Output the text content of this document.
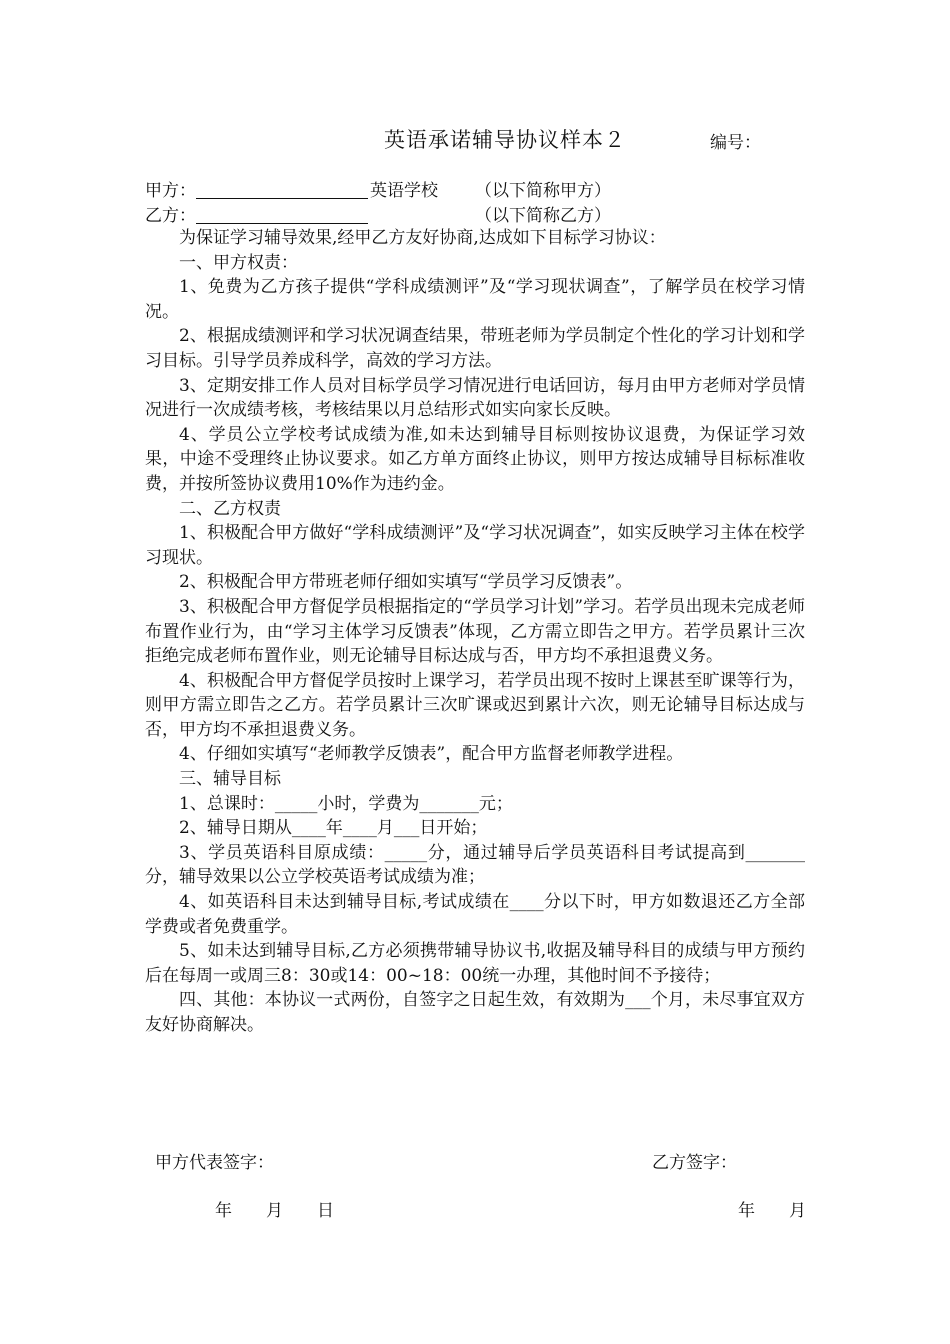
英语承诺辅导协议样本２	编号：
甲方：	英语学校 （以下简称甲方）
乙方：	（以下简称乙方）

为保证学习辅导效果,经甲乙方友好协商,达成如下目标学习协议：

一、甲方权责：

1、免费为乙方孩子提供“学科成绩测评”及“学习现状调查”，了解学员在校学习情况。

2、根据成绩测评和学习状况调查结果，带班老师为学员制定个性化的学习计划和学习目标。引导学员养成科学，高效的学习方法。

3、定期安排工作人员对目标学员学习情况进行电话回访，每月由甲方老师对学员情况进行一次成绩考核，考核结果以月总结形式如实向家长反映。

4、学员公立学校考试成绩为准,如未达到辅导目标则按协议退费，为保证学习效果，中途不受理终止协议要求。如乙方单方面终止协议，则甲方按达成辅导目标标准收费，并按所签协议费用10%作为违约金。

二、乙方权责

1、积极配合甲方做好“学科成绩测评”及“学习状况调查”，如实反映学习主体在校学习现状。

2、积极配合甲方带班老师仔细如实填写“学员学习反馈表”。

3、积极配合甲方督促学员根据指定的“学员学习计划”学习。若学员出现未完成老师布置作业行为，由“学习主体学习反馈表”体现，乙方需立即告之甲方。若学员累计三次拒绝完成老师布置作业，则无论辅导目标达成与否，甲方均不承担退费义务。

4、积极配合甲方督促学员按时上课学习，若学员出现不按时上课甚至旷课等行为，则甲方需立即告之乙方。若学员累计三次旷课或迟到累计六次，则无论辅导目标达成与否，甲方均不承担退费义务。

4、仔细如实填写“老师教学反馈表”，配合甲方监督老师教学进程。

三、辅导目标

1、总课时：_____小时，学费为_______元；

2、辅导日期从____年____月___日开始；

3、学员英语科目原成绩：_____分，通过辅导后学员英语科目考试提高到_______分，辅导效果以公立学校英语考试成绩为准；

4、如英语科目未达到辅导目标,考试成绩在____分以下时，甲方如数退还乙方全部学费或者免费重学。

5、如未达到辅导目标,乙方必须携带辅导协议书,收据及辅导科目的成绩与甲方预约后在每周一或周三8：30或14：00~18：00统一办理，其他时间不予接待；

四、其他：本协议一式两份，自签字之日起生效，有效期为___个月，未尽事宜双方友好协商解决。

甲方代表签字：	乙方签字：
年　　月　　日	年　　月
